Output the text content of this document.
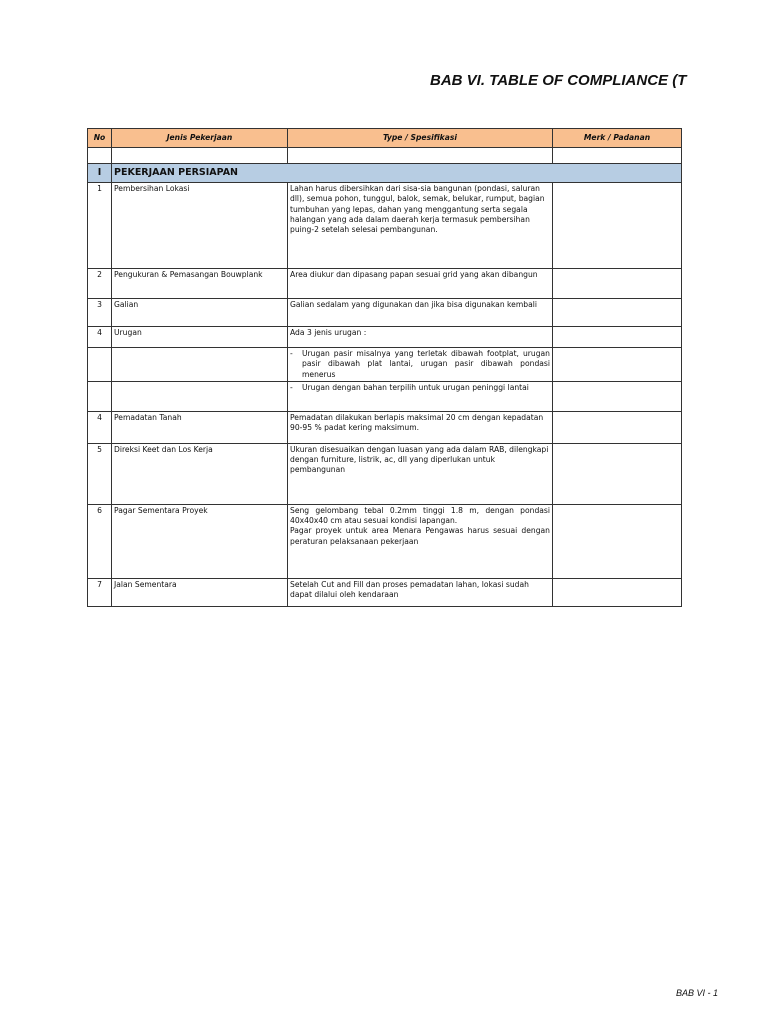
BAB VI. TABLE OF COMPLIANCE (T
No	Jenis Pekerjaan	Type / Spesifikasi	Merk / Padanan

I	PEKERJAAN PERSIAPAN		
1	Pembersihan Lokasi	Lahan harus dibersihkan dari sisa-sia bangunan (pondasi, saluran dll), semua pohon, tunggul, balok, semak, belukar, rumput, bagian tumbuhan yang lepas, dahan yang menggantung serta segala halangan yang ada dalam daerah kerja termasuk pembersihan puing-2 setelah selesai pembangunan.	
2	Pengukuran & Pemasangan Bouwplank	Area diukur dan dipasang papan sesuai grid yang akan dibangun	
3	Galian	Galian sedalam yang digunakan dan jika bisa digunakan kembali	
4	Urugan	Ada 3 jenis urugan :	

		- Urugan pasir misalnya yang terletak dibawah footplat, urugan pasir dibawah plat lantai, urugan pasir dibawah pondasi menerus	

		- Urugan dengan bahan terpilih untuk urugan peninggi lantai	

4	Pemadatan Tanah	Pemadatan dilakukan berlapis maksimal 20 cm dengan kepadatan 90-95 % padat kering maksimum.	
5	Direksi Keet dan Los Kerja	Ukuran disesuaikan dengan luasan yang ada dalam RAB, dilengkapi dengan furniture, listrik, ac, dll yang diperlukan untuk pembangunan	
6	Pagar Sementara Proyek	Seng gelombang tebal 0.2mm tinggi 1.8 m, dengan pondasi 40x40x40 cm atau sesuai kondisi lapangan.
Pagar proyek untuk area Menara Pengawas harus sesuai dengan peraturan pelaksanaan pekerjaan	

7	Jalan Sementara	Setelah Cut and Fill dan proses pemadatan lahan, lokasi sudah dapat dilalui oleh kendaraan	
BAB VI - 1
